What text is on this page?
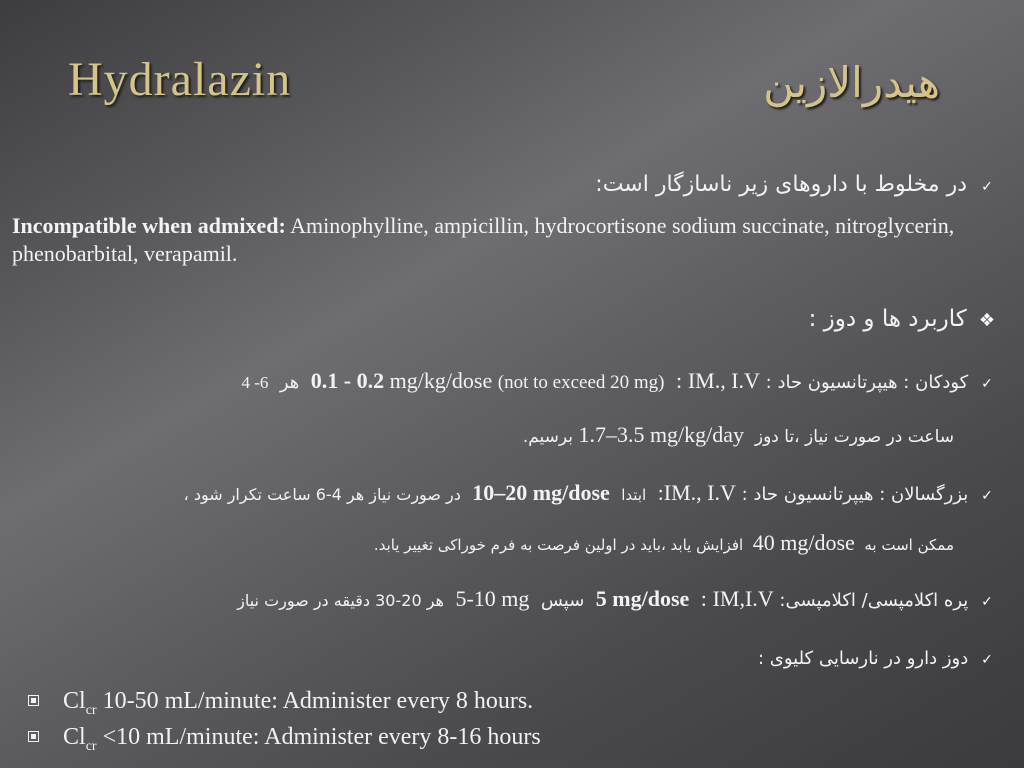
Hydralazin	هیدرالازین
✓ در مخلوط با داروهای زیر ناسازگار است:
Incompatible when admixed: Aminophylline, ampicillin, hydrocortisone sodium succinate, nitroglycerin, phenobarbital, verapamil.
❖ کاربرد ها و دوز :
✓ کودکان : هیپرتانسیون حاد : IM., I.V :  0.1 - 0.2 mg/kg/dose (not to exceed 20 mg)  هر  4 -6
ساعت در صورت نیاز ،تا دوز  1.7–3.5 mg/kg/day برسیم.
✓ بزرگسالان : هیپرتانسیون حاد : IM., I.V:  ابتدا  10–20 mg/dose  در صورت نیاز هر 4-6 ساعت تکرار شود ،
ممکن است به  40 mg/dose  افزایش یابد ،باید در اولین فرصت به فرم خوراکی تغییر یابد.
✓ پره اکلامپسی/ اکلامپسی: IM,I.V :  5 mg/dose  سپس  5-10 mg  هر 20-30 دقیقه در صورت نیاز
✓ دوز دارو در نارسایی کلیوی :
$Cl_{cr}$ 10-50 mL/minute: Administer every 8 hours.
$Cl_{cr} <10$ mL/minute: Administer every 8-16 hours
